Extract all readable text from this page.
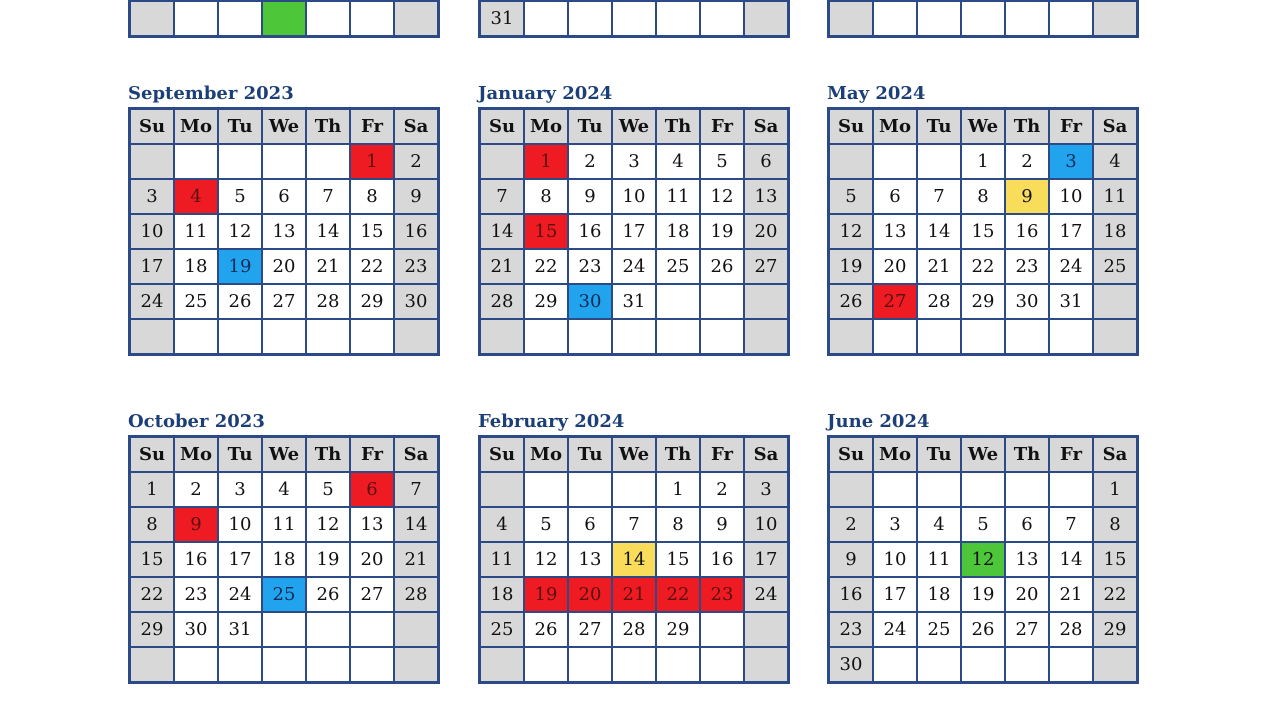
31						

September 2023
Su	Mo	Tu	We	Th	Fr	Sa
					1	2
3	4	5	6	7	8	9
10	11	12	13	14	15	16
17	18	19	20	21	22	23
24	25	26	27	28	29	30

January 2024
Su	Mo	Tu	We	Th	Fr	Sa
	1	2	3	4	5	6
7	8	9	10	11	12	13
14	15	16	17	18	19	20
21	22	23	24	25	26	27
28	29	30	31			

May 2024
Su	Mo	Tu	We	Th	Fr	Sa
			1	2	3	4
5	6	7	8	9	10	11
12	13	14	15	16	17	18
19	20	21	22	23	24	25
26	27	28	29	30	31	

October 2023
Su	Mo	Tu	We	Th	Fr	Sa
1	2	3	4	5	6	7
8	9	10	11	12	13	14
15	16	17	18	19	20	21
22	23	24	25	26	27	28
29	30	31				

February 2024
Su	Mo	Tu	We	Th	Fr	Sa
				1	2	3
4	5	6	7	8	9	10
11	12	13	14	15	16	17
18	19	20	21	22	23	24
25	26	27	28	29		

June 2024
Su	Mo	Tu	We	Th	Fr	Sa
						1
2	3	4	5	6	7	8
9	10	11	12	13	14	15
16	17	18	19	20	21	22
23	24	25	26	27	28	29
30						
